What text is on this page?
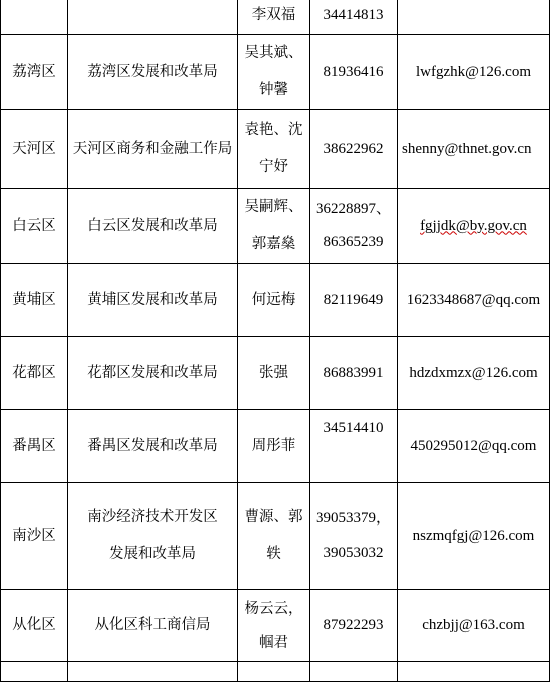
		李双福	34414813	
荔湾区	荔湾区发展和改革局	吴其斌、钟馨	81936416	lwfgzhk@126.com
天河区	天河区商务和金融工作局	袁艳、沈宁妤	38622962	shenny@thnet.gov.cn
白云区	白云区发展和改革局	吴嗣辉、郭嘉燊	36228897、86365239	fgjjdk@by.gov.cn
黄埔区	黄埔区发展和改革局	何远梅	82119649	1623348687@qq.com
花都区	花都区发展和改革局	张强	86883991	hdzdxmzx@126.com
番禺区	番禺区发展和改革局	周彤菲	34514410	450295012@qq.com
南沙区	南沙经济技术开发区发展和改革局	曹源、郭轶	39053379，39053032	nszmqfgj@126.com
从化区	从化区科工商信局	杨云云，帼君	87922293	chzbjj@163.com
